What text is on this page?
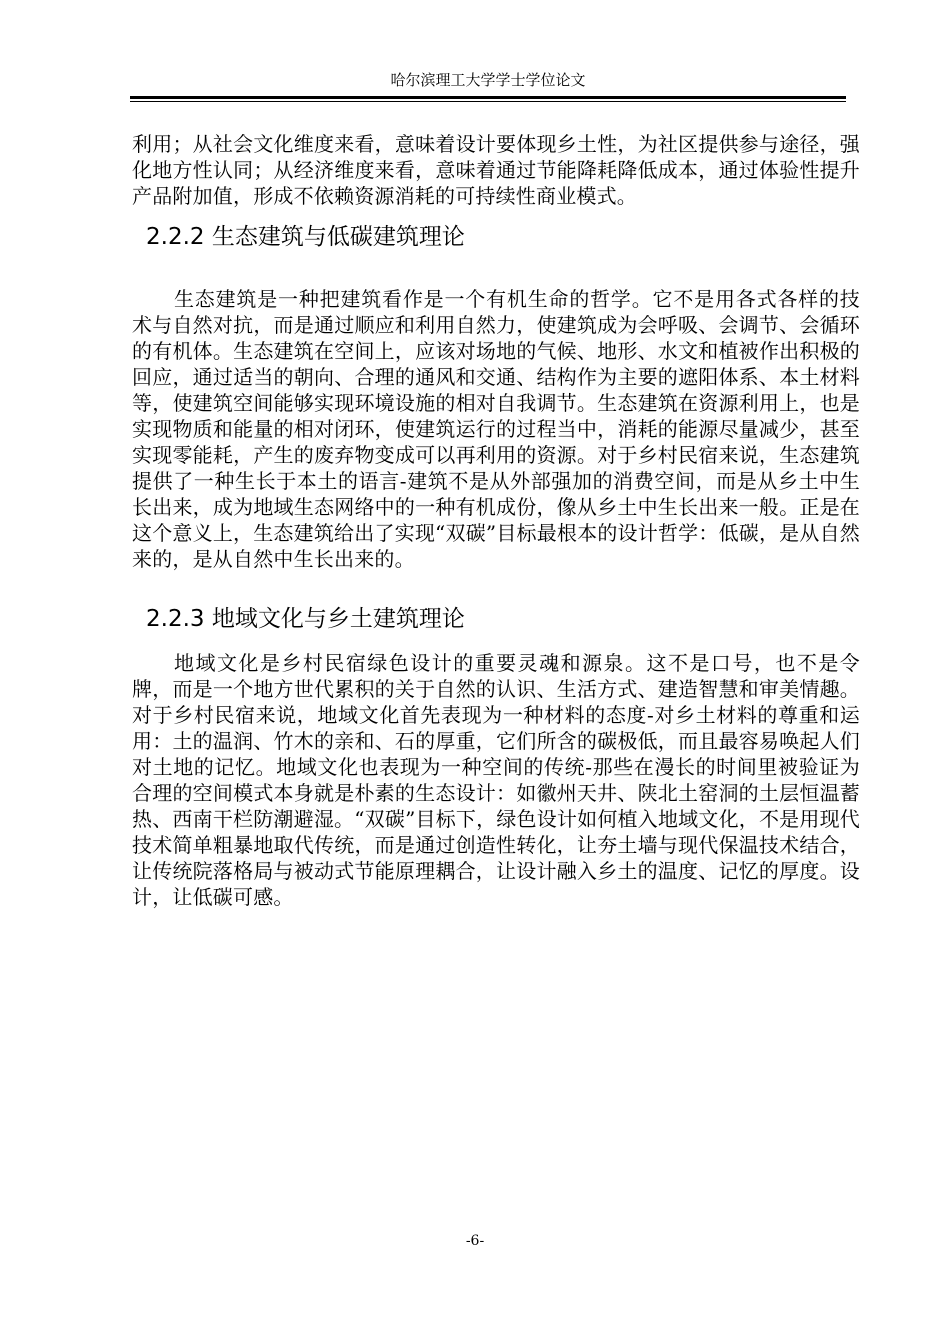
哈尔滨理工大学学士学位论文

利用；从社会文化维度来看，意味着设计要体现乡土性，为社区提供参与途径，强化地方性认同；从经济维度来看，意味着通过节能降耗降低成本，通过体验性提升产品附加值，形成不依赖资源消耗的可持续性商业模式。

2.2.2 生态建筑与低碳建筑理论

生态建筑是一种把建筑看作是一个有机生命的哲学。它不是用各式各样的技术与自然对抗，而是通过顺应和利用自然力，使建筑成为会呼吸、会调节、会循环的有机体。生态建筑在空间上，应该对场地的气候、地形、水文和植被作出积极的回应，通过适当的朝向、合理的通风和交通、结构作为主要的遮阳体系、本土材料等，使建筑空间能够实现环境设施的相对自我调节。生态建筑在资源利用上，也是实现物质和能量的相对闭环，使建筑运行的过程当中，消耗的能源尽量减少，甚至实现零能耗，产生的废弃物变成可以再利用的资源。对于乡村民宿来说，生态建筑提供了一种生长于本土的语言-建筑不是从外部强加的消费空间，而是从乡土中生长出来，成为地域生态网络中的一种有机成份，像从乡土中生长出来一般。正是在这个意义上，生态建筑给出了实现“双碳”目标最根本的设计哲学：低碳，是从自然来的，是从自然中生长出来的。

2.2.3 地域文化与乡土建筑理论

地域文化是乡村民宿绿色设计的重要灵魂和源泉。这不是口号，也不是令牌，而是一个地方世代累积的关于自然的认识、生活方式、建造智慧和审美情趣。对于乡村民宿来说，地域文化首先表现为一种材料的态度-对乡土材料的尊重和运用：土的温润、竹木的亲和、石的厚重，它们所含的碳极低，而且最容易唤起人们对土地的记忆。地域文化也表现为一种空间的传统-那些在漫长的时间里被验证为合理的空间模式本身就是朴素的生态设计：如徽州天井、陕北土窑洞的土层恒温蓄热、西南干栏防潮避湿。“双碳”目标下，绿色设计如何植入地域文化，不是用现代技术简单粗暴地取代传统，而是通过创造性转化，让夯土墙与现代保温技术结合，让传统院落格局与被动式节能原理耦合，让设计融入乡土的温度、记忆的厚度。设计，让低碳可感。

-6-
